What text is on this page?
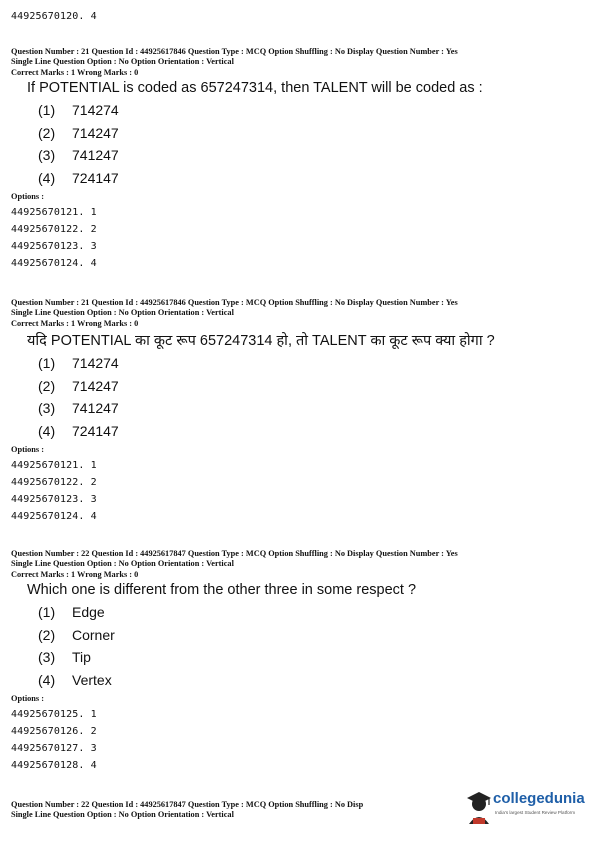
44925670120. 4
Question Number : 21 Question Id : 44925617846 Question Type : MCQ Option Shuffling : No Display Question Number : Yes
Single Line Question Option : No Option Orientation : Vertical
Correct Marks : 1 Wrong Marks : 0
If POTENTIAL is coded as 657247314, then TALENT will be coded as :
(1) 714274
(2) 714247
(3) 741247
(4) 724147
Options :
44925670121. 1
44925670122. 2
44925670123. 3
44925670124. 4
Question Number : 21 Question Id : 44925617846 Question Type : MCQ Option Shuffling : No Display Question Number : Yes
Single Line Question Option : No Option Orientation : Vertical
Correct Marks : 1 Wrong Marks : 0
यदि POTENTIAL का कूट रूप 657247314 हो, तो TALENT का कूट रूप क्या होगा ?
(1) 714274
(2) 714247
(3) 741247
(4) 724147
Options :
44925670121. 1
44925670122. 2
44925670123. 3
44925670124. 4
Question Number : 22 Question Id : 44925617847 Question Type : MCQ Option Shuffling : No Display Question Number : Yes
Single Line Question Option : No Option Orientation : Vertical
Correct Marks : 1 Wrong Marks : 0
Which one is different from the other three in some respect ?
(1) Edge
(2) Corner
(3) Tip
(4) Vertex
Options :
44925670125. 1
44925670126. 2
44925670127. 3
44925670128. 4
Question Number : 22 Question Id : 44925617847 Question Type : MCQ Option Shuffling : No Disp
Single Line Question Option : No Option Orientation : Vertical
collegedunia
India's largest Student Review Platform
